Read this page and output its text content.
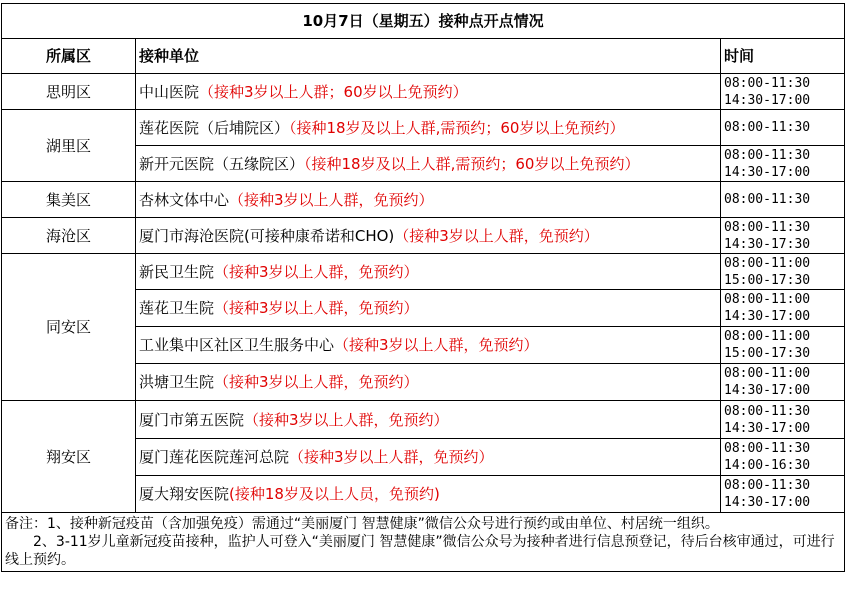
10月7日（星期五）接种点开点情况		
所属区	接种单位	时间
思明区	中山医院（接种3岁以上人群；60岁以上免预约）	08:00-11:30
14:30-17:00

湖里区	莲花医院（后埔院区）（接种18岁及以上人群,需预约；60岁以上免预约）	08:00-11:30

	新开元医院（五缘院区）（接种18岁及以上人群,需预约；60岁以上免预约）	08:00-11:30
14:30-17:00

集美区	杏林文体中心（接种3岁以上人群，免预约）	08:00-11:30

海沧区	厦门市海沧医院(可接种康希诺和CHO)（接种3岁以上人群，免预约）	08:00-11:30
14:30-17:30

同安区	新民卫生院（接种3岁以上人群，免预约）	08:00-11:00
15:00-17:30

	莲花卫生院（接种3岁以上人群，免预约）	08:00-11:00
14:30-17:00

	工业集中区社区卫生服务中心（接种3岁以上人群，免预约）	08:00-11:00
15:00-17:30

	洪塘卫生院（接种3岁以上人群，免预约）	08:00-11:00
14:30-17:00

翔安区	厦门市第五医院（接种3岁以上人群，免预约）	08:00-11:30
14:30-17:00

	厦门莲花医院莲河总院（接种3岁以上人群，免预约）	08:00-11:30
14:00-16:30

	厦大翔安医院(接种18岁及以上人员，免预约)	08:00-11:30
14:30-17:00

备注：1、接种新冠疫苗（含加强免疫）需通过“美丽厦门 智慧健康”微信公众号进行预约或由单位、村居统一组织。

2、3-11岁儿童新冠疫苗接种，监护人可登入“美丽厦门 智慧健康”微信公众号为接种者进行信息预登记，待后台核审通过，可进行线上预约。		
